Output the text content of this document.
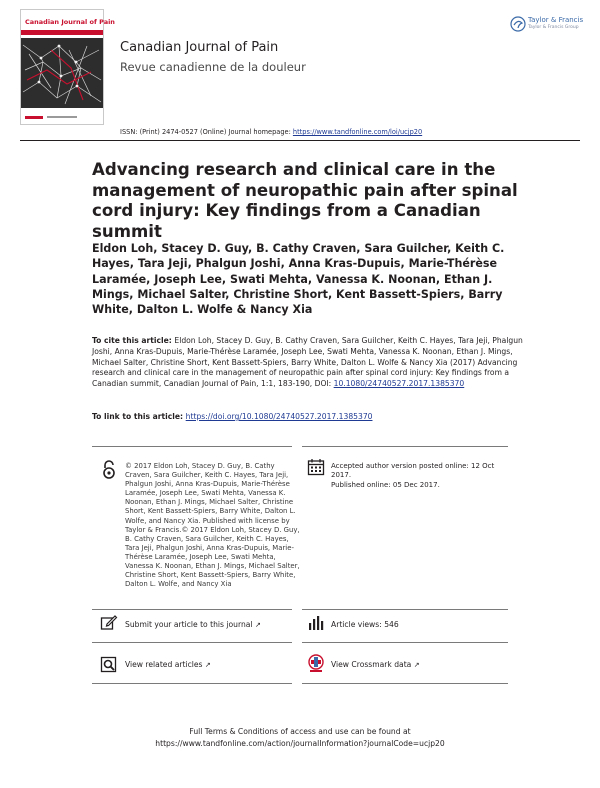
Canadian Journal of Pain
Canadian Journal of Pain
Revue canadienne de la douleur
Taylor & Francis
Taylor & Francis Group
ISSN: (Print) 2474-0527 (Online) Journal homepage: https://www.tandfonline.com/loi/ucjp20
Advancing research and clinical care in the management of neuropathic pain after spinal cord injury: Key findings from a Canadian summit
Eldon Loh, Stacey D. Guy, B. Cathy Craven, Sara Guilcher, Keith C. Hayes, Tara Jeji, Phalgun Joshi, Anna Kras-Dupuis, Marie-Thérèse Laramée, Joseph Lee, Swati Mehta, Vanessa K. Noonan, Ethan J. Mings, Michael Salter, Christine Short, Kent Bassett-Spiers, Barry White, Dalton L. Wolfe & Nancy Xia
To cite this article: Eldon Loh, Stacey D. Guy, B. Cathy Craven, Sara Guilcher, Keith C. Hayes, Tara Jeji, Phalgun Joshi, Anna Kras-Dupuis, Marie-Thérèse Laramée, Joseph Lee, Swati Mehta, Vanessa K. Noonan, Ethan J. Mings, Michael Salter, Christine Short, Kent Bassett-Spiers, Barry White, Dalton L. Wolfe & Nancy Xia (2017) Advancing research and clinical care in the management of neuropathic pain after spinal cord injury: Key findings from a Canadian summit, Canadian Journal of Pain, 1:1, 183-190, DOI: 10.1080/24740527.2017.1385370
To link to this article: https://doi.org/10.1080/24740527.2017.1385370
© 2017 Eldon Loh, Stacey D. Guy, B. Cathy Craven, Sara Guilcher, Keith C. Hayes, Tara Jeji, Phalgun Joshi, Anna Kras-Dupuis, Marie-Thérèse Laramée, Joseph Lee, Swati Mehta, Vanessa K. Noonan, Ethan J. Mings, Michael Salter, Christine Short, Kent Bassett-Spiers, Barry White, Dalton L. Wolfe, and Nancy Xia. Published with license by Taylor & Francis.© 2017 Eldon Loh, Stacey D. Guy, B. Cathy Craven, Sara Guilcher, Keith C. Hayes, Tara Jeji, Phalgun Joshi, Anna Kras-Dupuis, Marie-Thérèse Laramée, Joseph Lee, Swati Mehta, Vanessa K. Noonan, Ethan J. Mings, Michael Salter, Christine Short, Kent Bassett-Spiers, Barry White, Dalton L. Wolfe, and Nancy Xia
Accepted author version posted online: 12 Oct 2017.
Published online: 05 Dec 2017.
Submit your article to this journal ↗	Article views: 546
View related articles ↗	View Crossmark data ↗
Full Terms & Conditions of access and use can be found at
https://www.tandfonline.com/action/journalInformation?journalCode=ucjp20
